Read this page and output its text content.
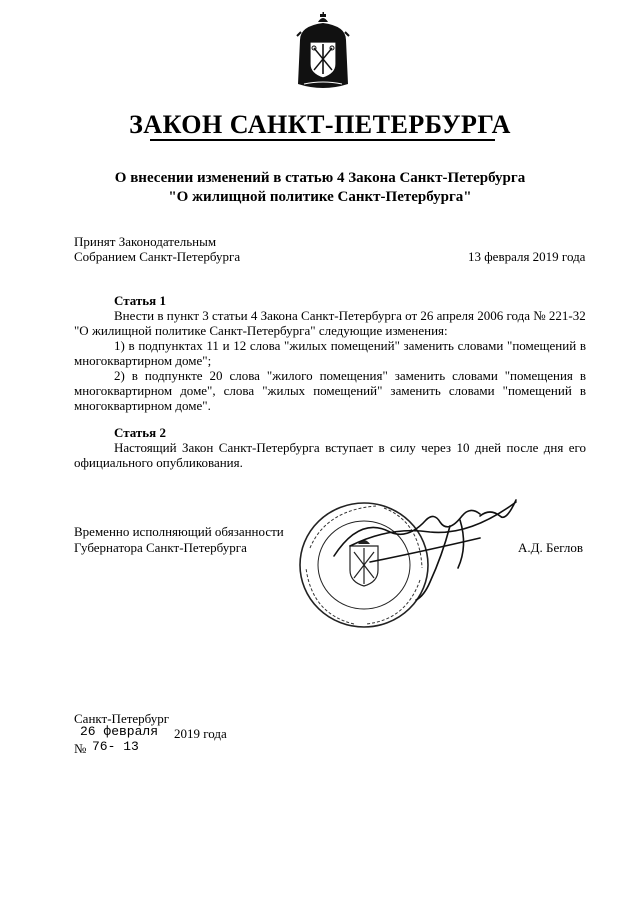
ЗАКОН САНКТ-ПЕТЕРБУРГА
О внесении изменений в статью 4 Закона Санкт-Петербурга
"О жилищной политике Санкт-Петербурга"
Принят Законодательным
Собранием Санкт-Петербурга	13 февраля 2019 года
Статья 1
Внести в пункт 3 статьи 4 Закона Санкт-Петербурга от 26 апреля 2006 года № 221-32
"О жилищной политике Санкт-Петербурга" следующие изменения:
1) в подпунктах 11 и 12 слова "жилых помещений" заменить словами "помещений в
многоквартирном доме";
2) в подпункте 20 слова "жилого помещения" заменить словами "помещения в
многоквартирном доме", слова "жилых помещений" заменить словами "помещений в
многоквартирном доме".
Статья 2
Настоящий Закон Санкт-Петербурга вступает в силу через 10 дней после дня его
официального опубликования.
Временно исполняющий обязанности
Губернатора Санкт-Петербурга	А.Д. Беглов
Санкт-Петербург
26 февраля 2019 года
№ 76- 13
